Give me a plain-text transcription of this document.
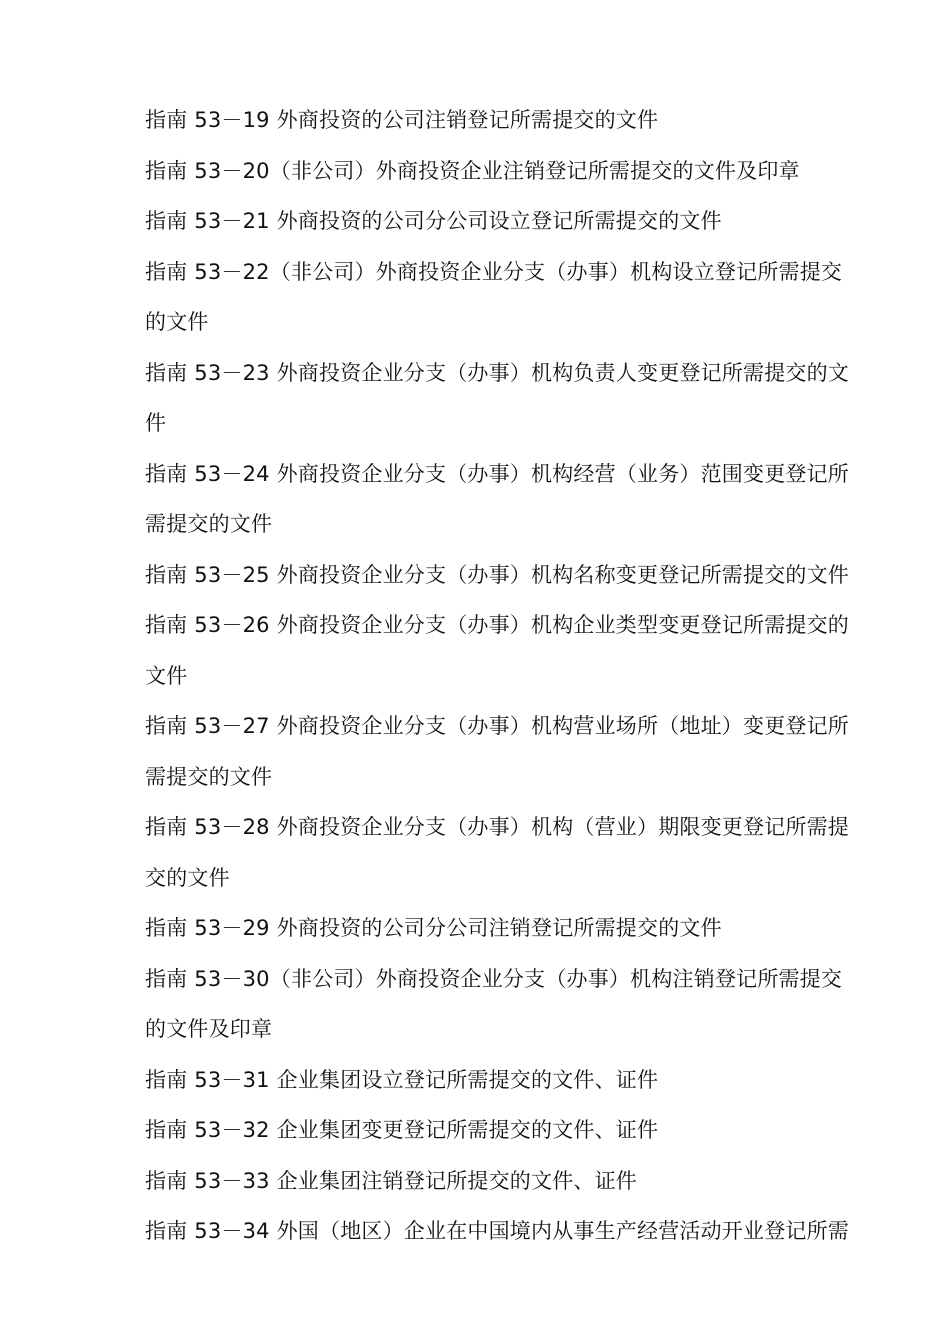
指南 53－19 外商投资的公司注销登记所需提交的文件
指南 53－20（非公司）外商投资企业注销登记所需提交的文件及印章
指南 53－21 外商投资的公司分公司设立登记所需提交的文件
指南 53－22（非公司）外商投资企业分支（办事）机构设立登记所需提交
的文件
指南 53－23 外商投资企业分支（办事）机构负责人变更登记所需提交的文
件
指南 53－24 外商投资企业分支（办事）机构经营（业务）范围变更登记所
需提交的文件
指南 53－25 外商投资企业分支（办事）机构名称变更登记所需提交的文件
指南 53－26 外商投资企业分支（办事）机构企业类型变更登记所需提交的
文件
指南 53－27 外商投资企业分支（办事）机构营业场所（地址）变更登记所
需提交的文件
指南 53－28 外商投资企业分支（办事）机构（营业）期限变更登记所需提
交的文件
指南 53－29 外商投资的公司分公司注销登记所需提交的文件
指南 53－30（非公司）外商投资企业分支（办事）机构注销登记所需提交
的文件及印章
指南 53－31 企业集团设立登记所需提交的文件、证件
指南 53－32 企业集团变更登记所需提交的文件、证件
指南 53－33 企业集团注销登记所提交的文件、证件
指南 53－34 外国（地区）企业在中国境内从事生产经营活动开业登记所需
